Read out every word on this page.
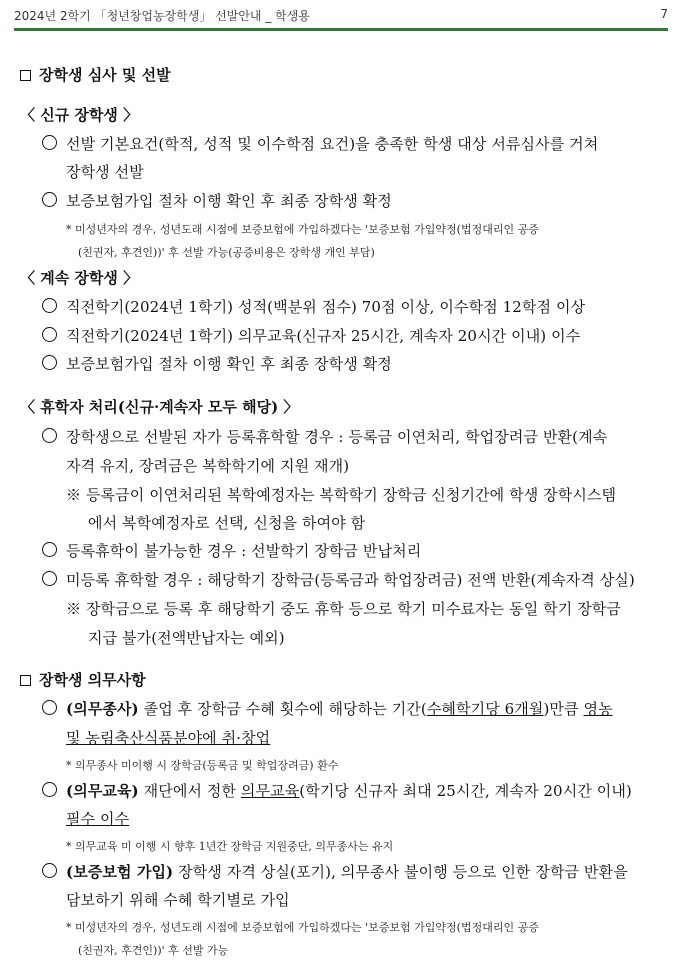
2024년 2학기 「청년창업농장학생」 선발안내 _ 학생용	7
장학생 심사 및 선발
〈 신규 장학생 〉
선발 기본요건(학적, 성적 및 이수학점 요건)을 충족한 학생 대상 서류심사를 거쳐
장학생 선발
보증보험가입 절차 이행 확인 후 최종 장학생 확정
* 미성년자의 경우, 성년도래 시점에 보증보험에 가입하겠다는 '보증보험 가입약정(법정대리인 공증
(친권자, 후견인))' 후 선발 가능(공증비용은 장학생 개인 부담)
〈 계속 장학생 〉
직전학기(2024년 1학기) 성적(백분위 점수) 70점 이상, 이수학점 12학점 이상
직전학기(2024년 1학기) 의무교육(신규자 25시간, 계속자 20시간 이내) 이수
보증보험가입 절차 이행 확인 후 최종 장학생 확정
〈 휴학자 처리(신규·계속자 모두 해당) 〉
장학생으로 선발된 자가 등록휴학할 경우 : 등록금 이연처리, 학업장려금 반환(계속
자격 유지, 장려금은 복학학기에 지원 재개)
※ 등록금이 이연처리된 복학예정자는 복학학기 장학금 신청기간에 학생 장학시스템
에서 복학예정자로 선택, 신청을 하여야 함
등록휴학이 불가능한 경우 : 선발학기 장학금 반납처리
미등록 휴학할 경우 : 해당학기 장학금(등록금과 학업장려금) 전액 반환(계속자격 상실)
※ 장학금으로 등록 후 해당학기 중도 휴학 등으로 학기 미수료자는 동일 학기 장학금
지급 불가(전액반납자는 예외)
장학생 의무사항
(의무종사) 졸업 후 장학금 수혜 횟수에 해당하는 기간(수혜학기당 6개월)만큼 영농
및 농림축산식품분야에 취·창업
* 의무종사 미이행 시 장학금(등록금 및 학업장려금) 환수
(의무교육) 재단에서 정한 의무교육(학기당 신규자 최대 25시간, 계속자 20시간 이내)
필수 이수
* 의무교육 미 이행 시 향후 1년간 장학금 지원중단, 의무종사는 유지
(보증보험 가입) 장학생 자격 상실(포기), 의무종사 불이행 등으로 인한 장학금 반환을
담보하기 위해 수혜 학기별로 가입
* 미성년자의 경우, 성년도래 시점에 보증보험에 가입하겠다는 '보증보험 가입약정(법정대리인 공증
(친권자, 후견인))' 후 선발 가능
